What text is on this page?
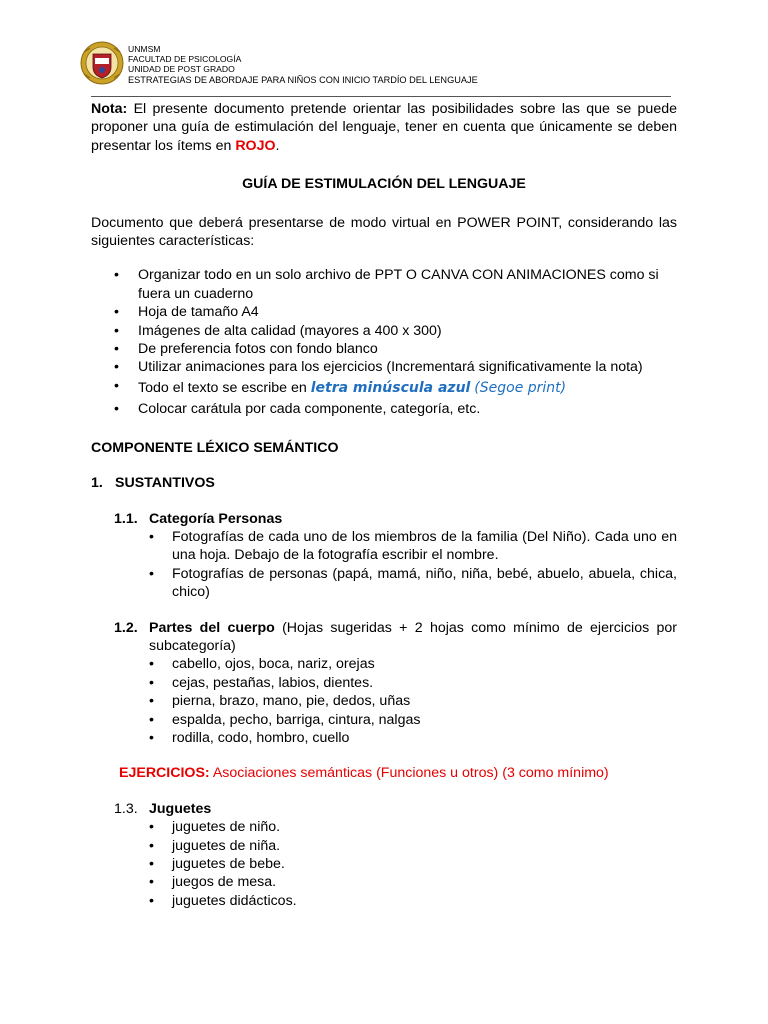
UNMSM
FACULTAD DE PSICOLOGÍA
UNIDAD DE POST GRADO
ESTRATEGIAS DE ABORDAJE PARA NIÑOS CON INICIO TARDÍO DEL LENGUAJE

Nota: El presente documento pretende orientar las posibilidades sobre las que se puede proponer una guía de estimulación del lenguaje, tener en cuenta que únicamente se deben presentar los ítems en ROJO.

GUÍA DE ESTIMULACIÓN DEL LENGUAJE

Documento que deberá presentarse de modo virtual en POWER POINT, considerando las siguientes características:

• Organizar todo en un solo archivo de PPT O CANVA CON ANIMACIONES como si fuera un cuaderno
• Hoja de tamaño A4
• Imágenes de alta calidad (mayores a 400 x 300)
• De preferencia fotos con fondo blanco
• Utilizar animaciones para los ejercicios (Incrementará significativamente la nota)
• Todo el texto se escribe en letra minúscula azul (Segoe print)
• Colocar carátula por cada componente, categoría, etc.

COMPONENTE LÉXICO SEMÁNTICO

1. SUSTANTIVOS

1.1. Categoría Personas
• Fotografías de cada uno de los miembros de la familia (Del Niño). Cada uno en una hoja. Debajo de la fotografía escribir el nombre.
• Fotografías de personas (papá, mamá, niño, niña, bebé, abuelo, abuela, chica, chico)
1.2. Partes del cuerpo (Hojas sugeridas + 2 hojas como mínimo de ejercicios por subcategoría)
• cabello, ojos, boca, nariz, orejas
• cejas, pestañas, labios, dientes.
• pierna, brazo, mano, pie, dedos, uñas
• espalda, pecho, barriga, cintura, nalgas
• rodilla, codo, hombro, cuello

EJERCICIOS: Asociaciones semánticas (Funciones u otros) (3 como mínimo)

1.3. Juguetes
• juguetes de niño.
• juguetes de niña.
• juguetes de bebe.
• juegos de mesa.
• juguetes didácticos.
